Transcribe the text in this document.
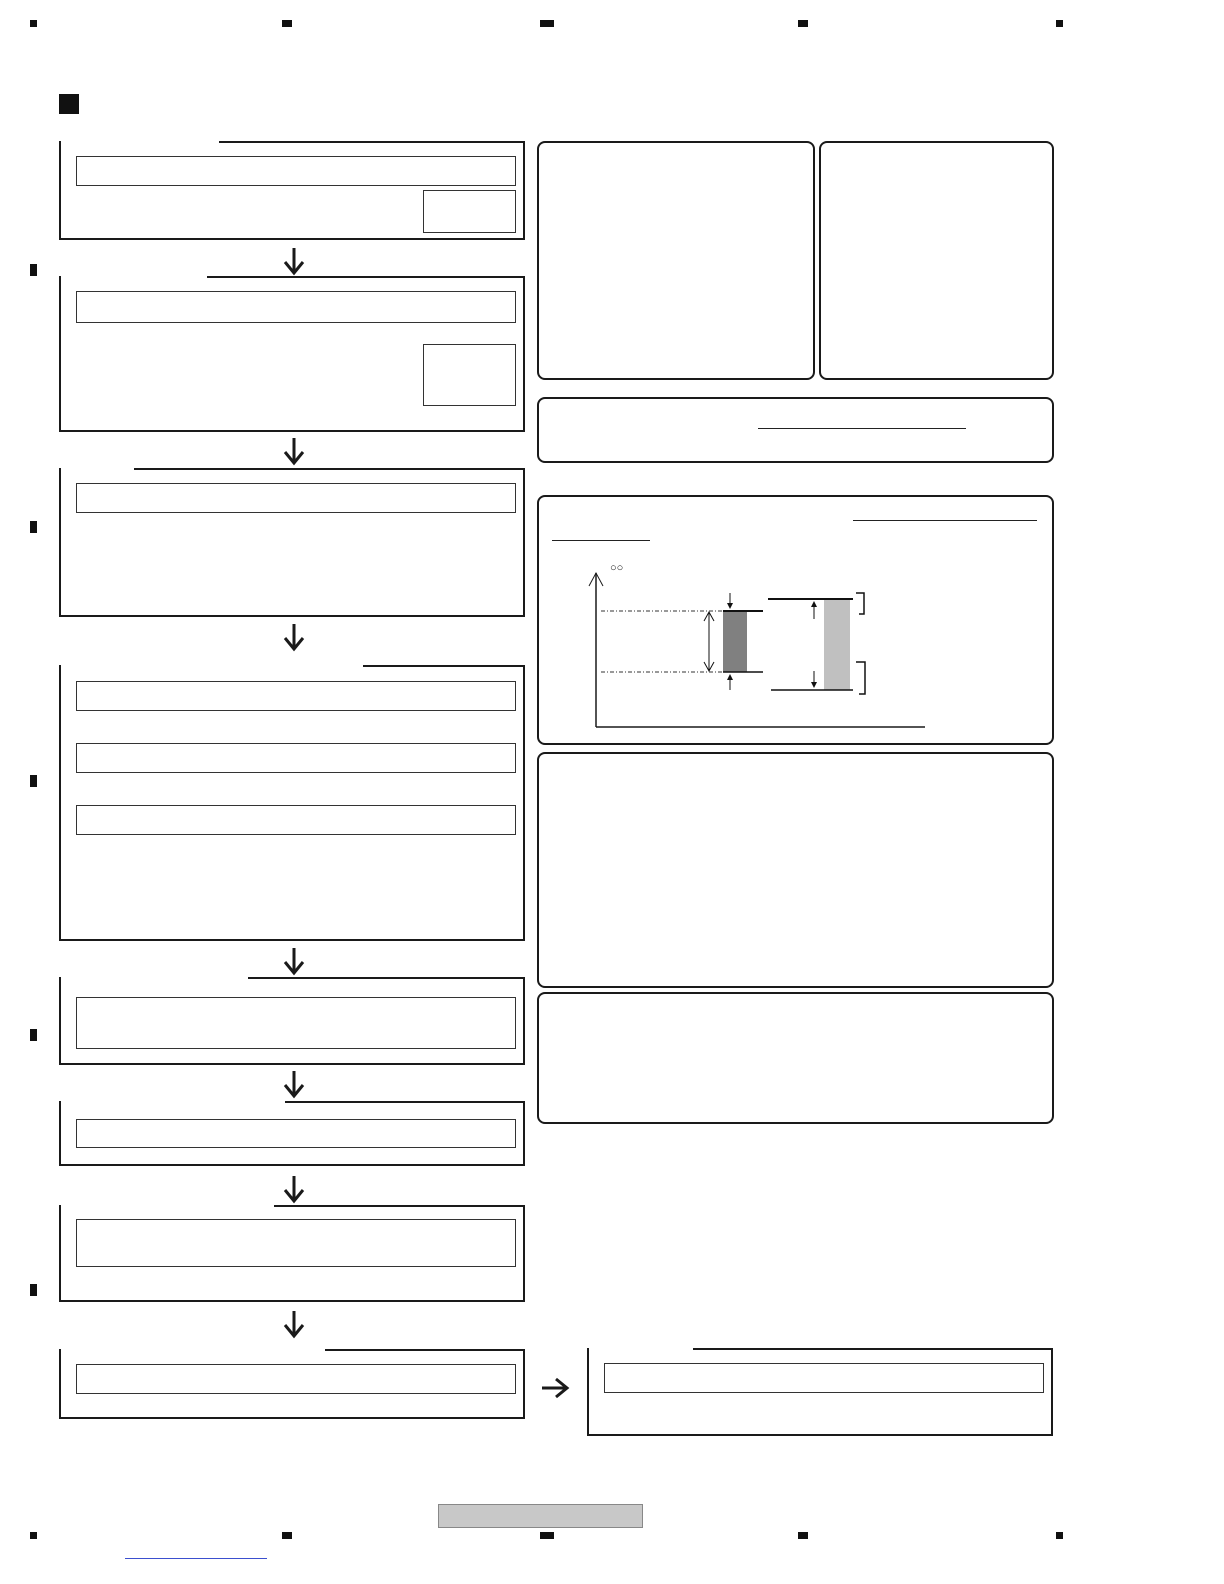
○○
